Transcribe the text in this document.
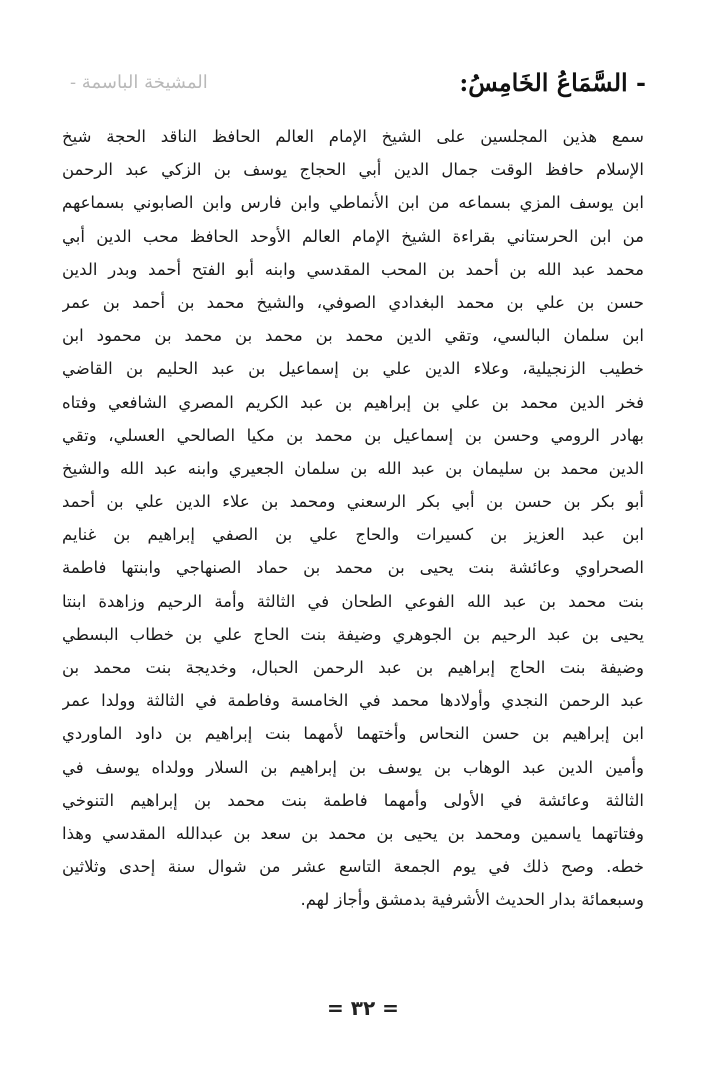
- السَّمَاعُ الخَامِسُ:
المشيخة الباسمة -
سمع هذين المجلسين على الشيخ الإمام العالم الحافظ الناقد الحجة شيخ
الإسلام حافظ الوقت جمال الدين أبي الحجاج يوسف بن الزكي عبد الرحمن
ابن يوسف المزي بسماعه من ابن الأنماطي وابن فارس وابن الصابوني بسماعهم
من ابن الحرستاني بقراءة الشيخ الإمام العالم الأوحد الحافظ محب الدين أبي
محمد عبد الله بن أحمد بن المحب المقدسي وابنه أبو الفتح أحمد وبدر الدين
حسن بن علي بن محمد البغدادي الصوفي، والشيخ محمد بن أحمد بن عمر
ابن سلمان البالسي، وتقي الدين محمد بن محمد بن محمد بن محمود ابن
خطيب الزنجيلية، وعلاء الدين علي بن إسماعيل بن عبد الحليم بن القاضي
فخر الدين محمد بن علي بن إبراهيم بن عبد الكريم المصري الشافعي وفتاه
بهادر الرومي وحسن بن إسماعيل بن محمد بن مكيا الصالحي العسلي، وتقي
الدين محمد بن سليمان بن عبد الله بن سلمان الجعيري وابنه عبد الله والشيخ
أبو بكر بن حسن بن أبي بكر الرسعني ومحمد بن علاء الدين علي بن أحمد
ابن عبد العزيز بن كسيرات والحاج علي بن الصفي إبراهيم بن غنايم
الصحراوي وعائشة بنت يحيى بن محمد بن حماد الصنهاجي وابنتها فاطمة
بنت محمد بن عبد الله الفوعي الطحان في الثالثة وأمة الرحيم وزاهدة ابنتا
يحيى بن عبد الرحيم بن الجوهري وضيفة بنت الحاج علي بن خطاب البسطي
وضيفة بنت الحاج إبراهيم بن عبد الرحمن الحبال، وخديجة بنت محمد بن
عبد الرحمن النجدي وأولادها محمد في الخامسة وفاطمة في الثالثة وولدا عمر
ابن إبراهيم بن حسن النحاس وأختهما لأمهما بنت إبراهيم بن داود الماوردي
وأمين الدين عبد الوهاب بن يوسف بن إبراهيم بن السلار وولداه يوسف في
الثالثة وعائشة في الأولى وأمهما فاطمة بنت محمد بن إبراهيم التنوخي
وفتاتهما ياسمين ومحمد بن يحيى بن محمد بن سعد بن عبدالله المقدسي وهذا
خطه. وصح ذلك في يوم الجمعة التاسع عشر من شوال سنة إحدى وثلاثين
وسبعمائة بدار الحديث الأشرفية بدمشق وأجاز لهم.
= ٣٢ =
